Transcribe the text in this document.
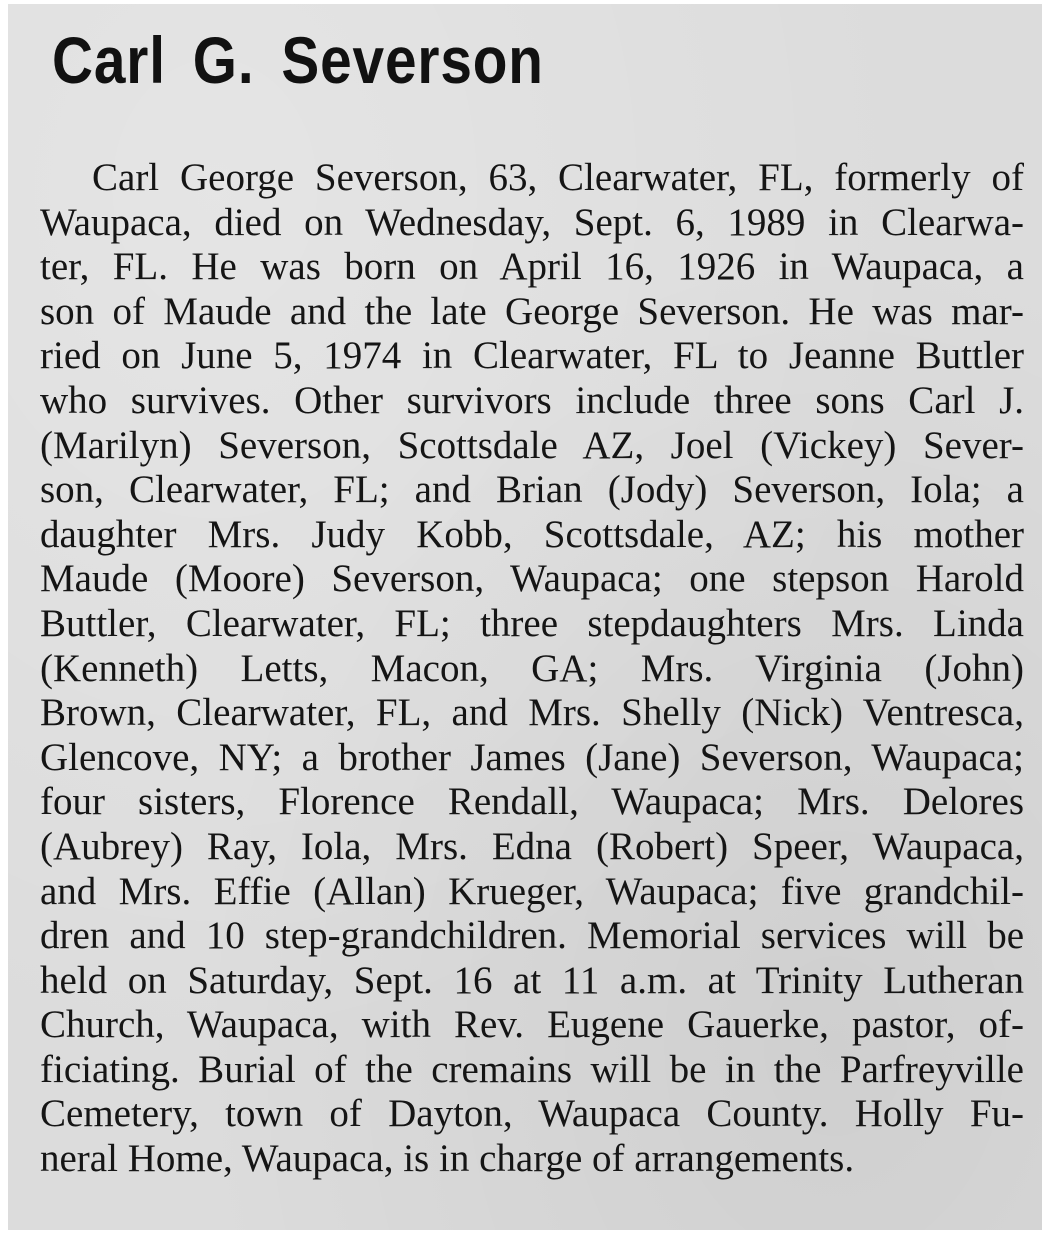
Carl G. Severson
Carl George Severson, 63, Clearwater, FL, formerly of
Waupaca, died on Wednesday, Sept. 6, 1989 in Clearwa-
ter, FL. He was born on April 16, 1926 in Waupaca, a
son of Maude and the late George Severson. He was mar-
ried on June 5, 1974 in Clearwater, FL to Jeanne Buttler
who survives. Other survivors include three sons Carl J.
(Marilyn) Severson, Scottsdale AZ, Joel (Vickey) Sever-
son, Clearwater, FL; and Brian (Jody) Severson, Iola; a
daughter Mrs. Judy Kobb, Scottsdale, AZ; his mother
Maude (Moore) Severson, Waupaca; one stepson Harold
Buttler, Clearwater, FL; three stepdaughters Mrs. Linda
(Kenneth) Letts, Macon, GA; Mrs. Virginia (John)
Brown, Clearwater, FL, and Mrs. Shelly (Nick) Ventresca,
Glencove, NY; a brother James (Jane) Severson, Waupaca;
four sisters, Florence Rendall, Waupaca; Mrs. Delores
(Aubrey) Ray, Iola, Mrs. Edna (Robert) Speer, Waupaca,
and Mrs. Effie (Allan) Krueger, Waupaca; five grandchil-
dren and 10 step-grandchildren. Memorial services will be
held on Saturday, Sept. 16 at 11 a.m. at Trinity Lutheran
Church, Waupaca, with Rev. Eugene Gauerke, pastor, of-
ficiating. Burial of the cremains will be in the Parfreyville
Cemetery, town of Dayton, Waupaca County. Holly Fu-
neral Home, Waupaca, is in charge of arrangements.
